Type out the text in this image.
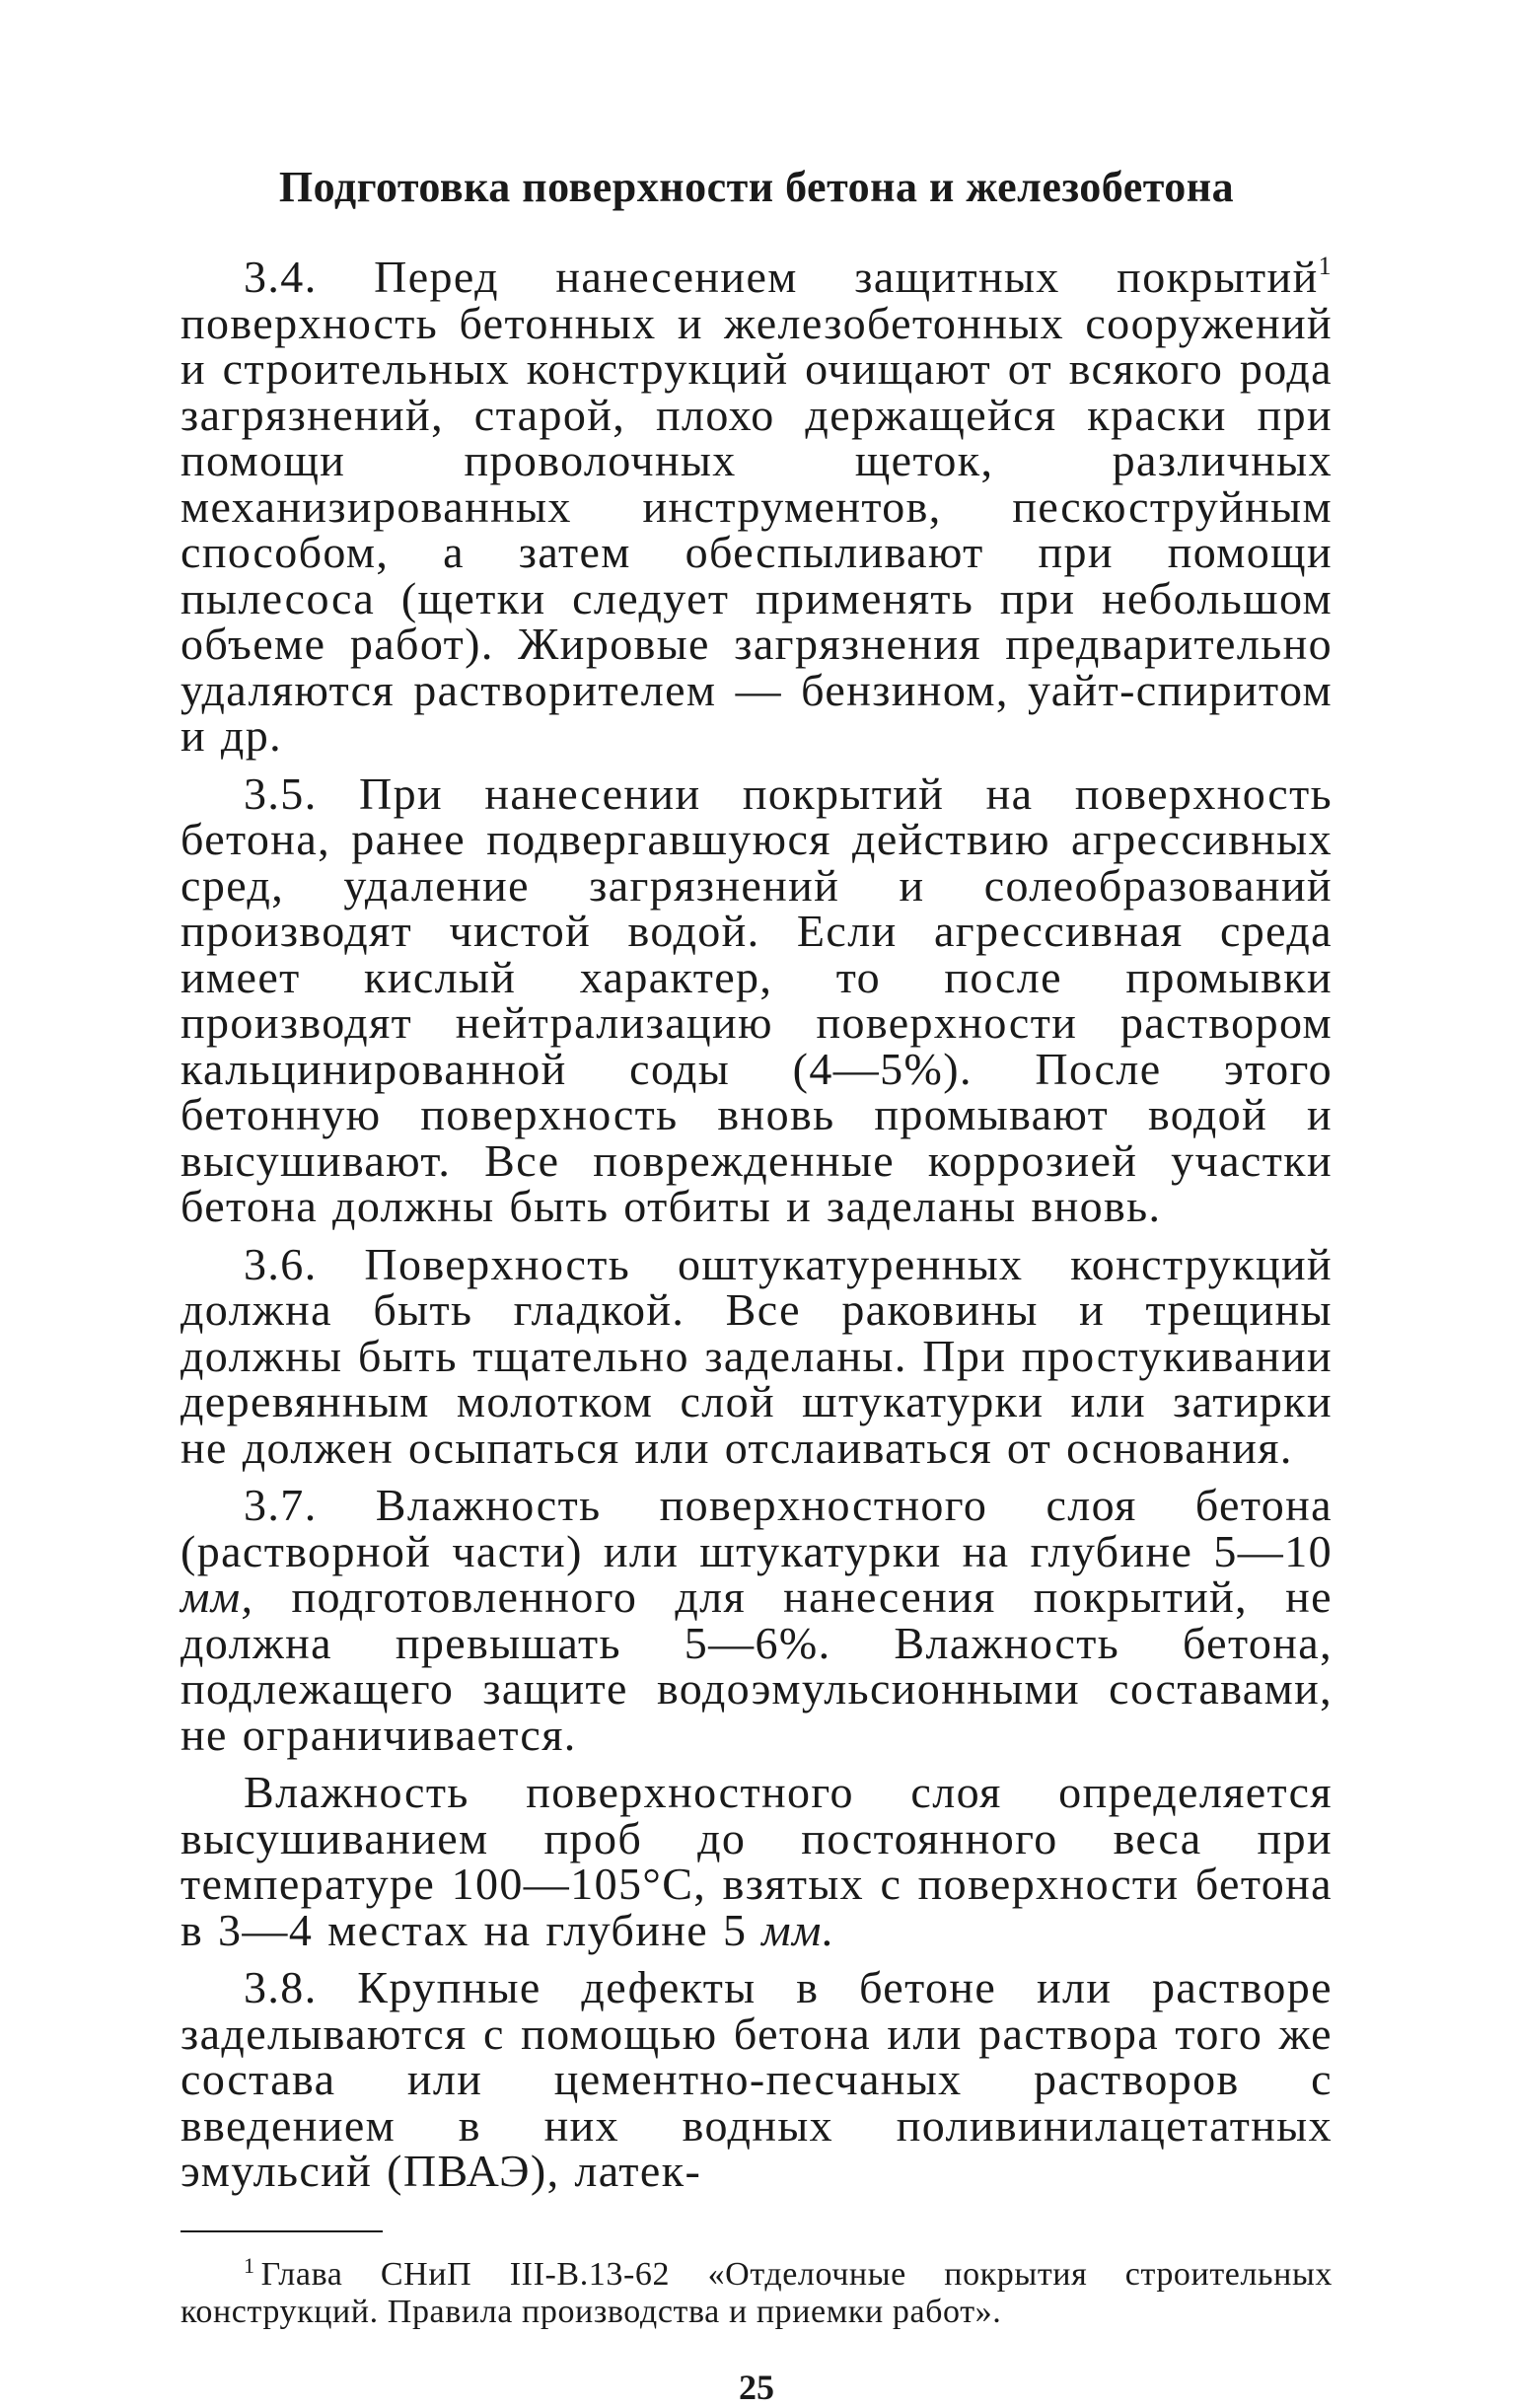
Подготовка поверхности бетона и железобетона

3.4. Перед нанесением защитных покрытий$^1$ поверхность бетонных и железобетонных сооружений и строительных конструкций очищают от всякого рода загрязнений, старой, плохо держащейся краски при помощи проволочных щеток, различных механизированных инструментов, пескоструйным способом, а затем обеспыливают при помощи пылесоса (щетки следует применять при небольшом объеме работ). Жировые загрязнения предварительно удаляются растворителем — бензином, уайт-спиритом и др.

3.5. При нанесении покрытий на поверхность бетона, ранее подвергавшуюся действию агрессивных сред, удаление загрязнений и солеобразований производят чистой водой. Если агрессивная среда имеет кислый характер, то после промывки производят нейтрализацию поверхности раствором кальцинированной соды (4—5%). После этого бетонную поверхность вновь промывают водой и высушивают. Все поврежденные коррозией участки бетона должны быть отбиты и заделаны вновь.

3.6. Поверхность оштукатуренных конструкций должна быть гладкой. Все раковины и трещины должны быть тщательно заделаны. При простукивании деревянным молотком слой штукатурки или затирки не должен осыпаться или отслаиваться от основания.

3.7. Влажность поверхностного слоя бетона (растворной части) или штукатурки на глубине 5—10 мм, подготовленного для нанесения покрытий, не должна превышать 5—6%. Влажность бетона, подлежащего защите водоэмульсионными составами, не ограничивается.

Влажность поверхностного слоя определяется высушиванием проб до постоянного веса при температуре 100—105°С, взятых с поверхности бетона в 3—4 местах на глубине 5 мм.

3.8. Крупные дефекты в бетоне или растворе заделываются с помощью бетона или раствора того же состава или цементно-песчаных растворов с введением в них водных поливинилацетатных эмульсий (ПВАЭ), латек-

$^1$ Глава СНиП III-В.13-62 «Отделочные покрытия строительных конструкций. Правила производства и приемки работ».

25
